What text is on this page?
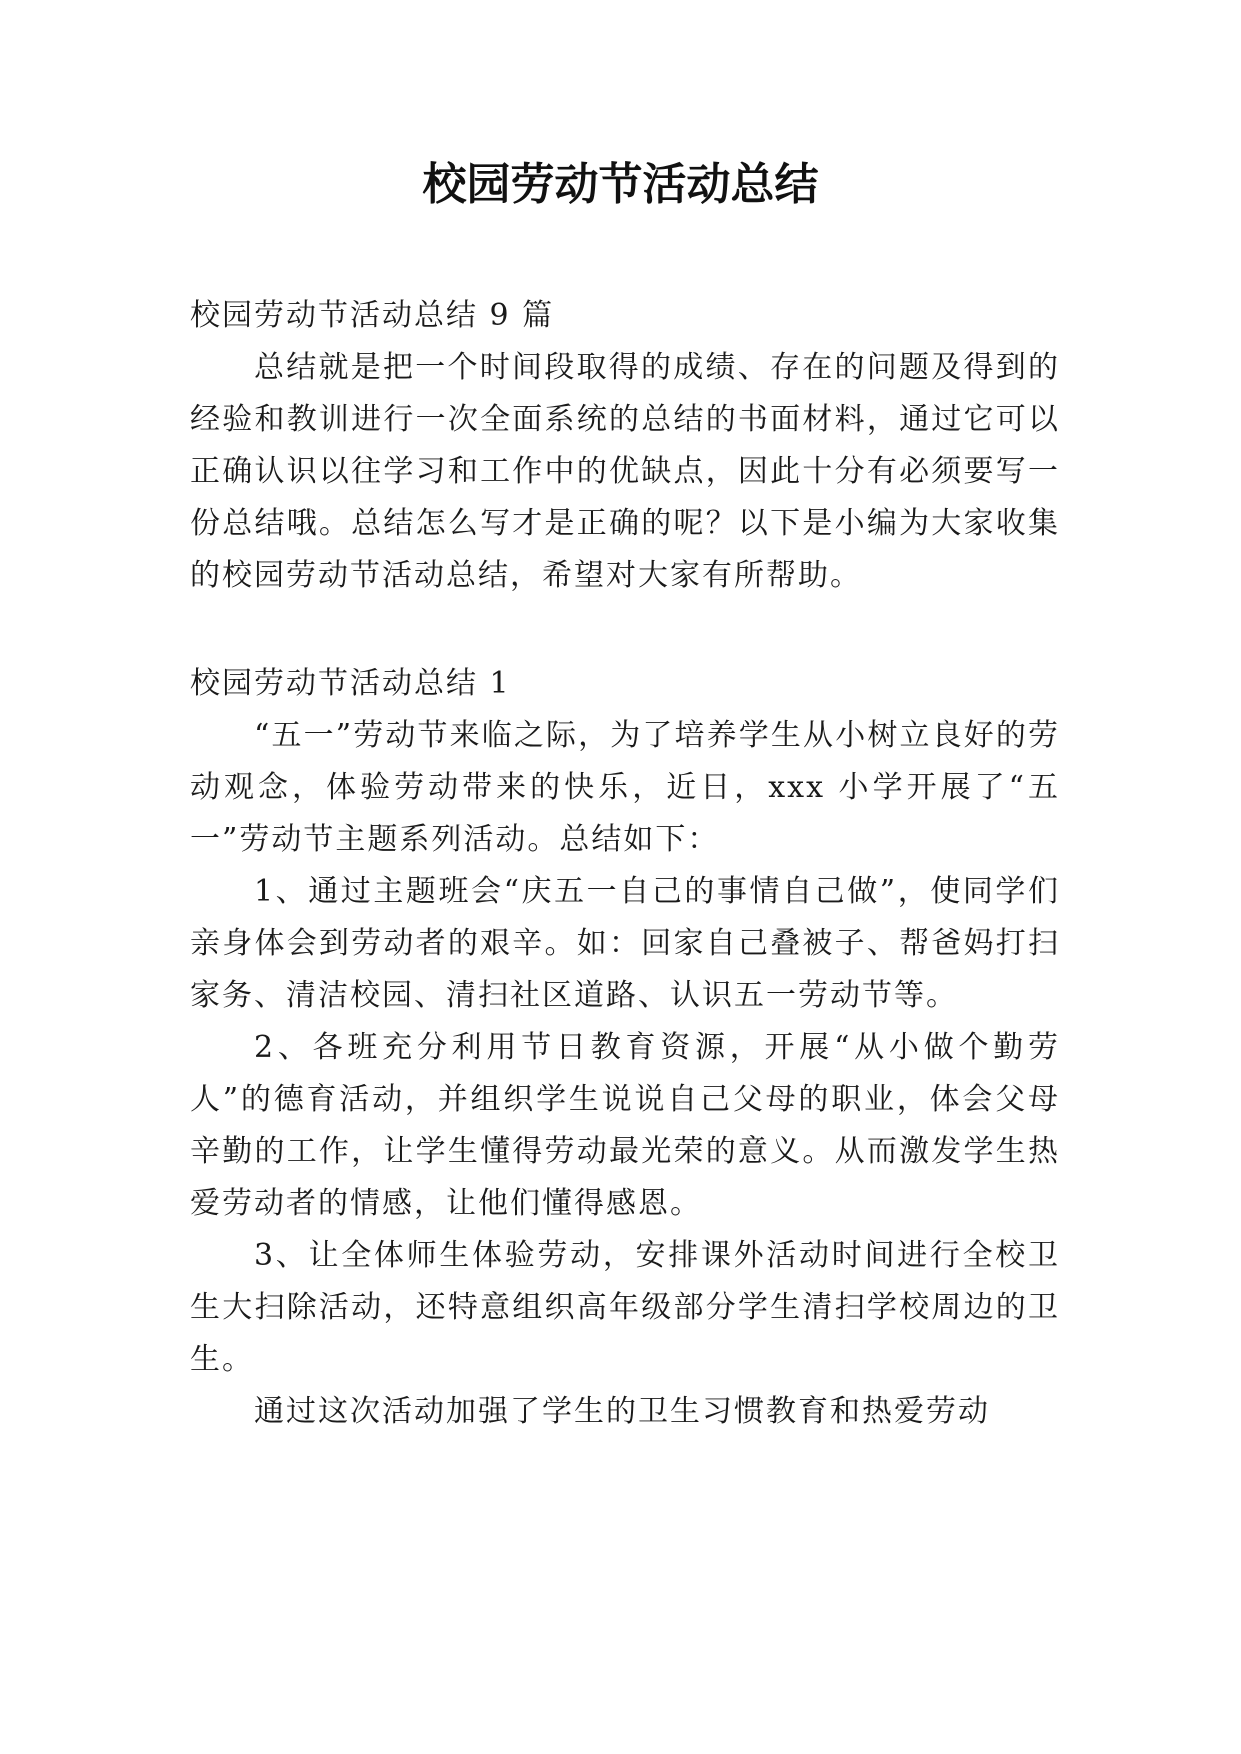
校园劳动节活动总结

校园劳动节活动总结 9 篇

总结就是把一个时间段取得的成绩、存在的问题及得到的经验和教训进行一次全面系统的总结的书面材料，通过它可以正确认识以往学习和工作中的优缺点，因此十分有必须要写一份总结哦。总结怎么写才是正确的呢？以下是小编为大家收集的校园劳动节活动总结，希望对大家有所帮助。

校园劳动节活动总结 1

“五一”劳动节来临之际，为了培养学生从小树立良好的劳动观念，体验劳动带来的快乐，近日，xxx 小学开展了“五一”劳动节主题系列活动。总结如下：

1、通过主题班会“庆五一自己的事情自己做”，使同学们亲身体会到劳动者的艰辛。如：回家自己叠被子、帮爸妈打扫家务、清洁校园、清扫社区道路、认识五一劳动节等。

2、各班充分利用节日教育资源，开展“从小做个勤劳人”的德育活动，并组织学生说说自己父母的职业，体会父母辛勤的工作，让学生懂得劳动最光荣的意义。从而激发学生热爱劳动者的情感，让他们懂得感恩。

3、让全体师生体验劳动，安排课外活动时间进行全校卫生大扫除活动，还特意组织高年级部分学生清扫学校周边的卫生。

通过这次活动加强了学生的卫生习惯教育和热爱劳动
